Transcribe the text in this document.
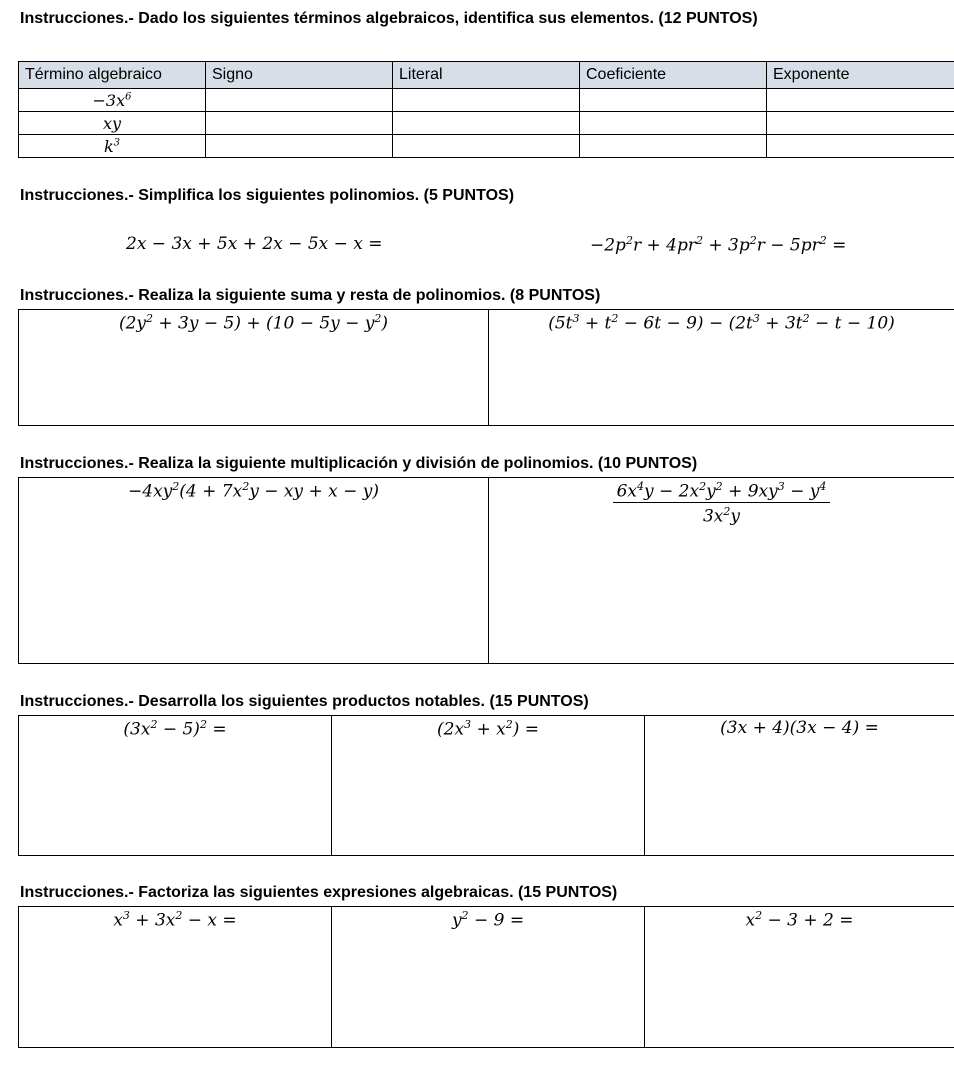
Instrucciones.- Dado los siguientes términos algebraicos, identifica sus elementos. (12 PUNTOS)
Término algebraico	Signo	Literal	Coeficiente	Exponente
$-3x^6$				
xy				
$k^3$				
Instrucciones.- Simplifica los siguientes polinomios. (5 PUNTOS)
2x − 3x + 5x + 2x − 5x − x =	$-2p^2r + 4pr^2 + 3p^2r - 5pr^2$ =
Instrucciones.- Realiza la siguiente suma y resta de polinomios. (8 PUNTOS)
$(2y^2 + 3y - 5) + (10 - 5y - y^2)$	$(5t^3 + t^2 - 6t - 9) - (2t^3 + 3t^2 - t - 10)$
Instrucciones.- Realiza la siguiente multiplicación y división de polinomios. (10 PUNTOS)
$-4xy^2(4 + 7x^2y$ − xy + x − y)	$\frac{6x^4y - 2x^2y^2 + 9xy^3 - y^4}{3x^2y}$
Instrucciones.- Desarrolla los siguientes productos notables. (15 PUNTOS)
$(3x^2 - 5)^2$ =	$(2x^3 + x^2)$ =	(3x + 4)(3x − 4) =
Instrucciones.- Factoriza las siguientes expresiones algebraicas. (15 PUNTOS)
$x^3 + 3x^2 - x$ =	$y^2 - 9$ =	$x^2 - 3 + 2$ =
